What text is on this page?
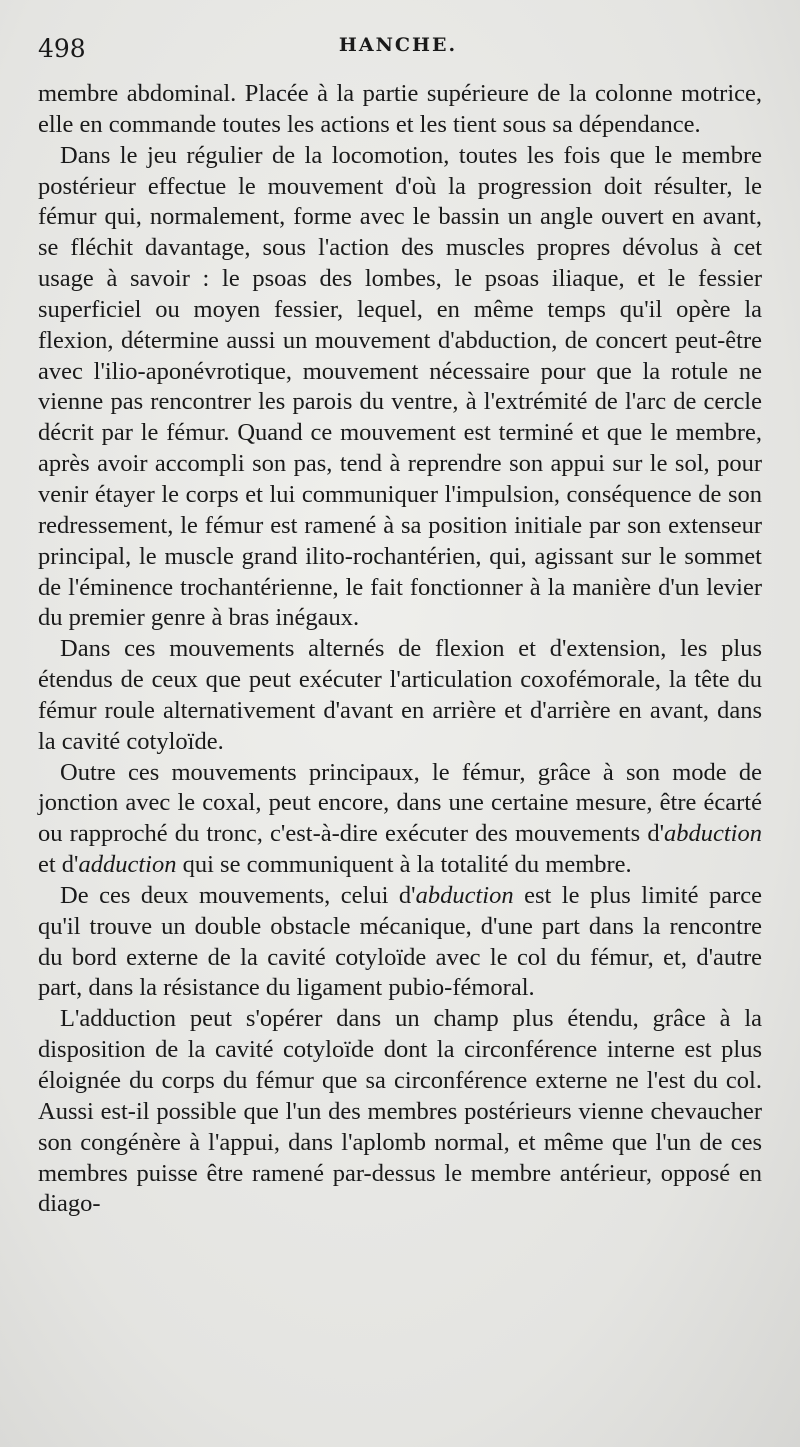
498	HANCHE.

membre abdominal. Placée à la partie supérieure de la colonne motrice, elle en commande toutes les actions et les tient sous sa dépendance.

Dans le jeu régulier de la locomotion, toutes les fois que le membre postérieur effectue le mouvement d'où la progression doit résulter, le fémur qui, normalement, forme avec le bassin un angle ouvert en avant, se fléchit davantage, sous l'action des muscles propres dévolus à cet usage à savoir : le psoas des lombes, le psoas iliaque, et le fessier superficiel ou moyen fessier, lequel, en même temps qu'il opère la flexion, détermine aussi un mouvement d'abduction, de concert peut-être avec l'ilio-aponévrotique, mouvement nécessaire pour que la rotule ne vienne pas rencontrer les parois du ventre, à l'extrémité de l'arc de cercle décrit par le fémur. Quand ce mouvement est terminé et que le membre, après avoir accompli son pas, tend à reprendre son appui sur le sol, pour venir étayer le corps et lui communiquer l'impulsion, conséquence de son redressement, le fémur est ramené à sa position initiale par son extenseur principal, le muscle grand ilito-rochantérien, qui, agissant sur le sommet de l'éminence trochantérienne, le fait fonctionner à la manière d'un levier du premier genre à bras inégaux.

Dans ces mouvements alternés de flexion et d'extension, les plus étendus de ceux que peut exécuter l'articulation coxofémorale, la tête du fémur roule alternativement d'avant en arrière et d'arrière en avant, dans la cavité cotyloïde.

Outre ces mouvements principaux, le fémur, grâce à son mode de jonction avec le coxal, peut encore, dans une certaine mesure, être écarté ou rapproché du tronc, c'est-à-dire exécuter des mouvements d'abduction et d'adduction qui se communiquent à la totalité du membre.

De ces deux mouvements, celui d'abduction est le plus limité parce qu'il trouve un double obstacle mécanique, d'une part dans la rencontre du bord externe de la cavité cotyloïde avec le col du fémur, et, d'autre part, dans la résistance du ligament pubio-fémoral.

L'adduction peut s'opérer dans un champ plus étendu, grâce à la disposition de la cavité cotyloïde dont la circonférence interne est plus éloignée du corps du fémur que sa circonférence externe ne l'est du col. Aussi est-il possible que l'un des membres postérieurs vienne chevaucher son congénère à l'appui, dans l'aplomb normal, et même que l'un de ces membres puisse être ramené par-dessus le membre antérieur, opposé en diago-
